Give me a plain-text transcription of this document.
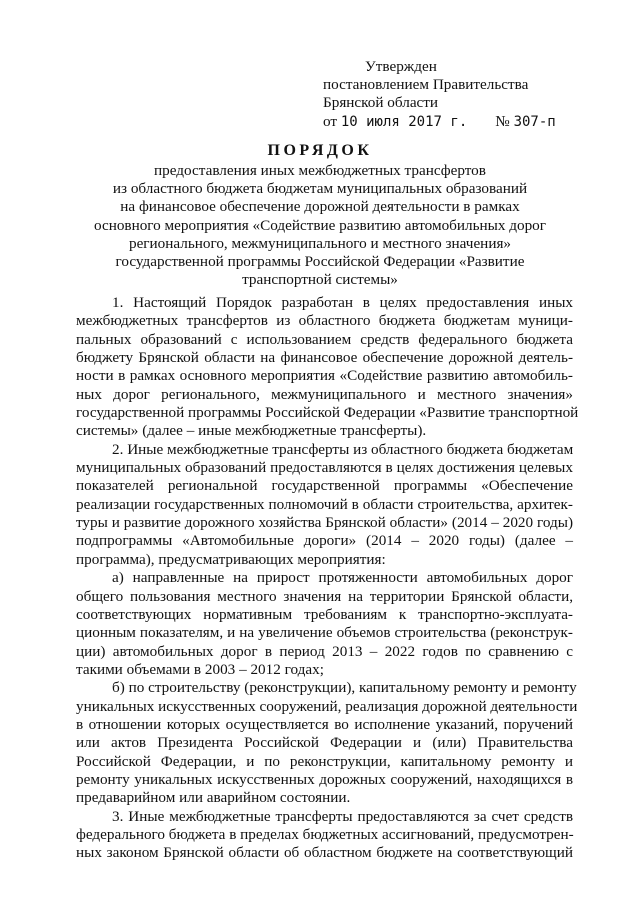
Утвержден
постановлением Правительства
Брянской области
от 10 июля 2017 г. № 307-п
ПОРЯДОК
предоставления иных межбюджетных трансфертов
из областного бюджета бюджетам муниципальных образований
на финансовое обеспечение дорожной деятельности в рамках
основного мероприятия «Содействие развитию автомобильных дорог
регионального, межмуниципального и местного значения»
государственной программы Российской Федерации «Развитие
транспортной системы»
1. Настоящий Порядок разработан в целях предоставления иных
межбюджетных трансфертов из областного бюджета бюджетам муници-
пальных образований с использованием средств федерального бюджета
бюджету Брянской области на финансовое обеспечение дорожной деятель-
ности в рамках основного мероприятия «Содействие развитию автомобиль-
ных дорог регионального, межмуниципального и местного значения»
государственной программы Российской Федерации «Развитие транспортной
системы» (далее – иные межбюджетные трансферты).
2. Иные межбюджетные трансферты из областного бюджета бюджетам
муниципальных образований предоставляются в целях достижения целевых
показателей региональной государственной программы «Обеспечение
реализации государственных полномочий в области строительства, архитек-
туры и развитие дорожного хозяйства Брянской области» (2014 – 2020 годы)
подпрограммы «Автомобильные дороги» (2014 – 2020 годы) (далее –
программа), предусматривающих мероприятия:
а) направленные на прирост протяженности автомобильных дорог
общего пользования местного значения на территории Брянской области,
соответствующих нормативным требованиям к транспортно-эксплуата-
ционным показателям, и на увеличение объемов строительства (реконструк-
ции) автомобильных дорог в период 2013 – 2022 годов по сравнению с
такими объемами в 2003 – 2012 годах;
б) по строительству (реконструкции), капитальному ремонту и ремонту
уникальных искусственных сооружений, реализация дорожной деятельности
в отношении которых осуществляется во исполнение указаний, поручений
или актов Президента Российской Федерации и (или) Правительства
Российской Федерации, и по реконструкции, капитальному ремонту и
ремонту уникальных искусственных дорожных сооружений, находящихся в
предаварийном или аварийном состоянии.
3. Иные межбюджетные трансферты предоставляются за счет средств
федерального бюджета в пределах бюджетных ассигнований, предусмотрен-
ных законом Брянской области об областном бюджете на соответствующий
